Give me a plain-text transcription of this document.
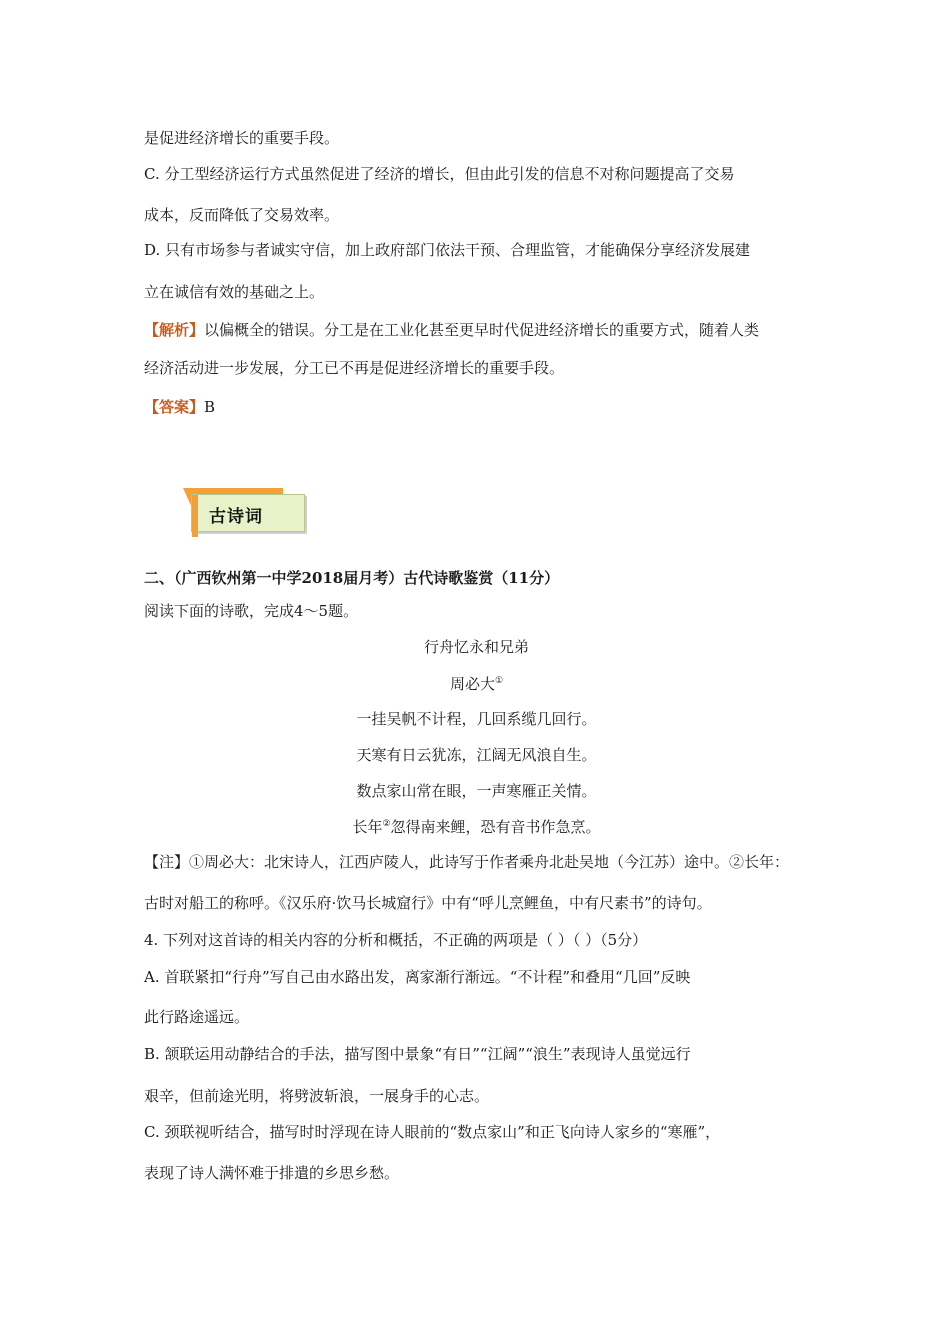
是促进经济增长的重要手段。
C. 分工型经济运行方式虽然促进了经济的增长，但由此引发的信息不对称问题提高了交易
成本，反而降低了交易效率。
D. 只有市场参与者诚实守信，加上政府部门依法干预、合理监管，才能确保分享经济发展建
立在诚信有效的基础之上。
【解析】以偏概全的错误。分工是在工业化甚至更早时代促进经济增长的重要方式，随着人类
经济活动进一步发展，分工已不再是促进经济增长的重要手段。
【答案】B
古诗词
二、（广西钦州第一中学2018届月考）古代诗歌鉴赏（11分）
阅读下面的诗歌，完成4～5题。
行舟忆永和兄弟
周必大①
一挂吴帆不计程，几回系缆几回行。
天寒有日云犹冻，江阔无风浪自生。
数点家山常在眼，一声寒雁正关情。
长年②忽得南来鲤，恐有音书作急烹。
【注】①周必大：北宋诗人，江西庐陵人，此诗写于作者乘舟北赴吴地（今江苏）途中。②长年：
古时对船工的称呼。《汉乐府·饮马长城窟行》中有“呼儿烹鲤鱼，中有尺素书”的诗句。
4. 下列对这首诗的相关内容的分析和概括，不正确的两项是（ ）（ ）（5分）
A. 首联紧扣“行舟”写自己由水路出发，离家渐行渐远。“不计程”和叠用“几回”反映
此行路途遥远。
B. 颔联运用动静结合的手法，描写图中景象“有日”“江阔”“浪生”表现诗人虽觉远行
艰辛，但前途光明，将劈波斩浪，一展身手的心志。
C. 颈联视听结合，描写时时浮现在诗人眼前的“数点家山”和正飞向诗人家乡的“寒雁”，
表现了诗人满怀难于排遣的乡思乡愁。
